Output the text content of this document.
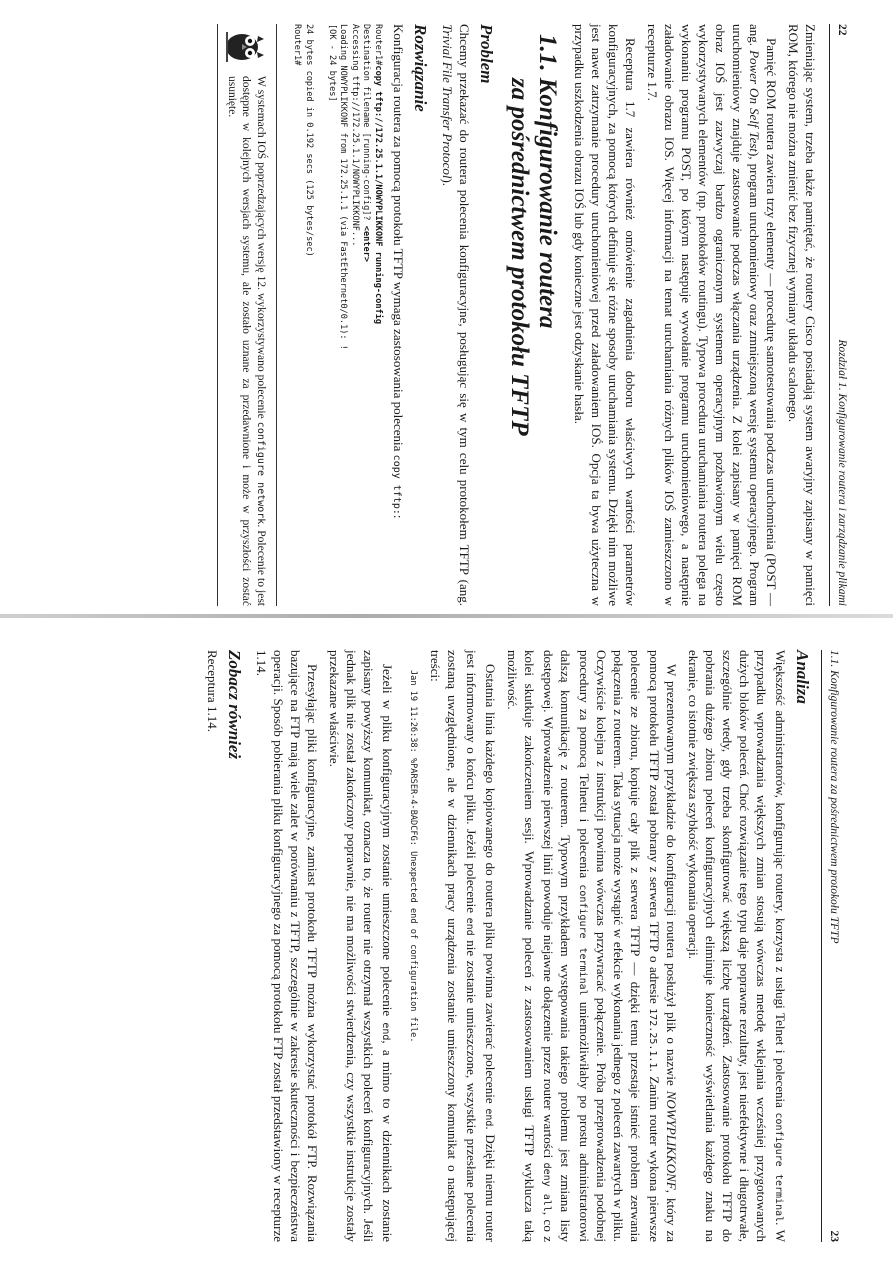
22
Rozdział 1. Konfigurowanie routera i zarządzanie plikami

Zmieniając system, trzeba także pamiętać, że routery Cisco posiadają system awaryjny zapisany w pamięci ROM, którego nie można zmienić bez fizycznej wymiany układu scalonego.

Pamięć ROM routera zawiera trzy elementy — procedurę samotestowania podczas uruchomienia (POST — ang. Power On Self Test), program uruchomieniowy oraz zmniejszoną wersję systemu operacyjnego. Program uruchomieniowy znajduje zastosowanie podczas włączania urządzenia. Z kolei zapisany w pamięci ROM obraz IOŚ jest zazwyczaj bardzo ograniczonym systemem operacyjnym pozbawionym wielu często wykorzystywanych elementów (np. protokołów routingu). Typowa procedura uruchamiania routera polega na wykonaniu programu POST, po którym następuje wywołanie programu uruchomieniowego, a następnie załadowanie obrazu IOS. Więcej informacji na temat uruchamiania różnych plików IOŚ zamieszczono w recepturze 1.7.

Receptura 1.7 zawiera również omówienie zagadnienia doboru właściwych wartości parametrów konfiguracyjnych, za pomocą których definiuje się różne sposoby uruchamiania systemu. Dzięki nim możliwe jest nawet zatrzymanie procedury uruchomieniowej przed załadowaniem IOŚ. Opcja ta bywa użyteczna w przypadku uszkodzenia obrazu IOŚ lub gdy konieczne jest odzyskanie hasła.

1.1. Konfigurowanie routera
za pośrednictwem protokołu TFTP
Problem

Chcemy przekazać do routera polecenia konfiguracyjne, posługując się w tym celu protokołem TFTP (ang. Trivial File Transfer Protocol).

Rozwiązanie

Konfiguracja routera za pomocą protokołu TFTP wymaga zastosowania polecenia copy tftp::

Router1#copy tftp://172.25.1.1/NOWYPLIKKONF running-config
Destination filename [running-config]? <enter>
Accessing tftp://172.25.1.1/NOWYPLIKKONF...
Loading NOWYPLIKKONF from 172.25.1.1 (via FastEthernet0/0.1): !
[OK - 24 bytes]

24 bytes copied in 0.192 secs (125 bytes/sec)
Router1#

W systemach IOŚ poprzedzających wersję 12. wykorzystywano polecenie configure network. Polecenie to jest dostępne w kolejnych wersjach systemu, ale zostało uznane za przedawnione i może w przyszłości zostać usunięte.

1.1. Konfigurowanie routera za pośrednictwem protokołu TFTP
23
Analiza

Większość administratorów, konfigurując routery, korzysta z usługi Telnet i polecenia configure terminal. W przypadku wprowadzania większych zmian stosują wówczas metodę wklejania wcześniej przygotowanych dużych bloków poleceń. Choć rozwiązanie tego typu daje poprawne rezultaty, jest nieefektywne i długotrwałe, szczególnie wtedy, gdy trzeba skonfigurować większą liczbę urządzeń. Zastosowanie protokołu TFTP do pobrania dużego zbioru poleceń konfiguracyjnych eliminuje konieczność wyświetlania każdego znaku na ekranie, co istotnie zwiększa szybkość wykonania operacji.

W prezentowanym przykładzie do konfiguracji routera posłużył plik o nazwie NOWYPLIKKONF, który za pomocą protokołu TFTP został pobrany z serwera TFTP o adresie 172.25.1.1. Zanim router wykona pierwsze polecenie ze zbioru, kopiuje cały plik z serwera TFTP — dzięki temu przestaje istnieć problem zerwania połączenia z routerem. Taka sytuacja może wystąpić w efekcie wykonania jednego z poleceń zawartych w pliku. Oczywiście kolejna z instrukcji powinna wówczas przywracać połączenie. Próba przeprowadzenia podobnej procedury za pomocą Telnetu i polecenia configure terminal uniemożliwiłaby po prostu administratorowi dalszą komunikację z routerem. Typowym przykładem występowania takiego problemu jest zmiana listy dostępowej. Wprowadzenie pierwszej linii powoduje niejawne dołączenie przez router wartości deny all, co z kolei skutkuje zakończeniem sesji. Wprowadzanie poleceń z zastosowaniem usługi TFTP wyklucza taką możliwość.

Ostatnia linia każdego kopiowanego do routera pliku powinna zawierać polecenie end. Dzięki niemu router jest informowany o końcu pliku. Jeżeli polecenie end nie zostanie umieszczone, wszystkie przesłane polecenia zostaną uwzględnione, ale w dziennikach pracy urządzenia zostanie umieszczony komunikat o następującej treści:

Jan 19 11:26:38: %PARSER-4-BADCFG: Unexpected end of configuration file.

Jeżeli w pliku konfiguracyjnym zostanie umieszczone polecenie end, a mimo to w dziennikach zostanie zapisany powyższy komunikat, oznacza to, że router nie otrzymał wszystkich poleceń konfiguracyjnych. Jeśli jednak plik nie został zakończony poprawnie, nie ma możliwości stwierdzenia, czy wszystkie instrukcje zostały przekazane właściwie.

Przesyłając pliki konfiguracyjne, zamiast protokołu TFTP można wykorzystać protokół FTP. Rozwiązania bazujące na FTP mają wiele zalet w porównaniu z TFTP, szczególnie w zakresie skuteczności i bezpieczeństwa operacji. Sposób pobierania pliku konfiguracyjnego za pomocą protokołu FTP został przedstawiony w recepturze 1.14.

Zobacz również

Receptura 1.14.
